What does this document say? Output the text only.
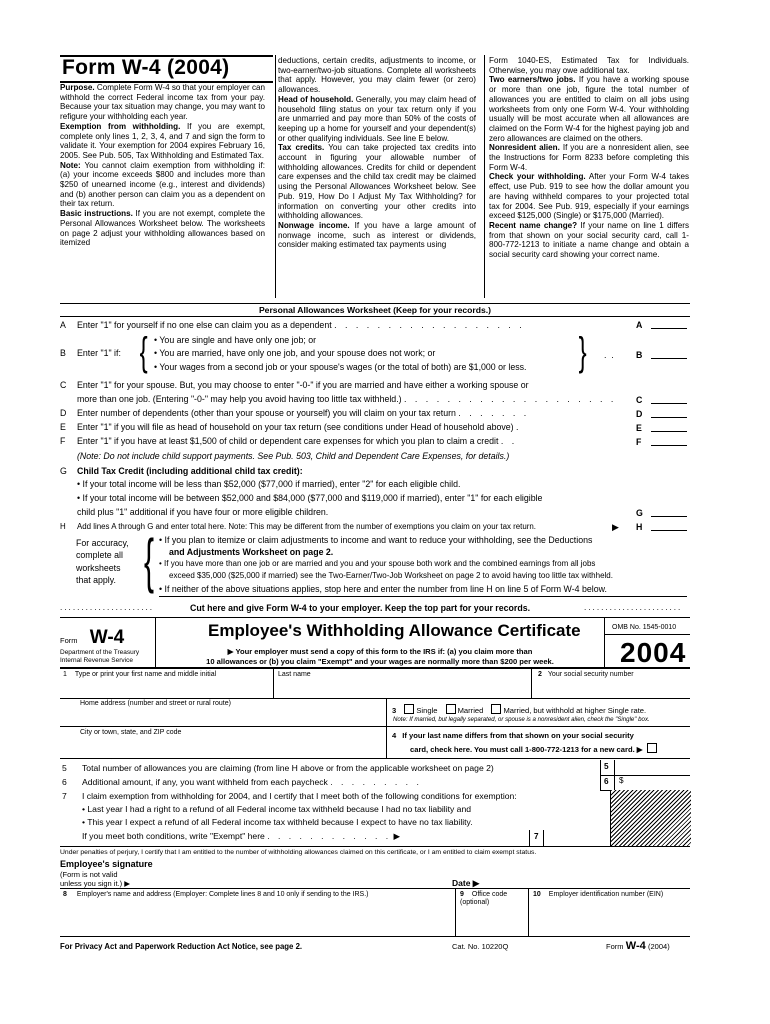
Form W-4 (2004)

Purpose. Complete Form W-4 so that your employer can withhold the correct Federal income tax from your pay. Because your tax situation may change, you may want to refigure your withholding each year.

Exemption from withholding. If you are exempt, complete only lines 1, 2, 3, 4, and 7 and sign the form to validate it. Your exemption for 2004 expires February 16, 2005. See Pub. 505, Tax Withholding and Estimated Tax.

Note: You cannot claim exemption from withholding if: (a) your income exceeds $800 and includes more than $250 of unearned income (e.g., interest and dividends) and (b) another person can claim you as a dependent on their tax return.

Basic instructions. If you are not exempt, complete the Personal Allowances Worksheet below. The worksheets on page 2 adjust your withholding allowances based on itemized

deductions, certain credits, adjustments to income, or two-earner/two-job situations. Complete all worksheets that apply. However, you may claim fewer (or zero) allowances.

Head of household. Generally, you may claim head of household filing status on your tax return only if you are unmarried and pay more than 50% of the costs of keeping up a home for yourself and your dependent(s) or other qualifying individuals. See line E below.

Tax credits. You can take projected tax credits into account in figuring your allowable number of withholding allowances. Credits for child or dependent care expenses and the child tax credit may be claimed using the Personal Allowances Worksheet below. See Pub. 919, How Do I Adjust My Tax Withholding? for information on converting your other credits into withholding allowances.

Nonwage income. If you have a large amount of nonwage income, such as interest or dividends, consider making estimated tax payments using

Form 1040-ES, Estimated Tax for Individuals. Otherwise, you may owe additional tax.

Two earners/two jobs. If you have a working spouse or more than one job, figure the total number of allowances you are entitled to claim on all jobs using worksheets from only one Form W-4. Your withholding usually will be most accurate when all allowances are claimed on the Form W-4 for the highest paying job and zero allowances are claimed on the others.

Nonresident alien. If you are a nonresident alien, see the Instructions for Form 8233 before completing this Form W-4.

Check your withholding. After your Form W-4 takes effect, use Pub. 919 to see how the dollar amount you are having withheld compares to your projected total tax for 2004. See Pub. 919, especially if your earnings exceed $125,000 (Single) or $175,000 (Married).

Recent name change? If your name on line 1 differs from that shown on your social security card, call 1-800-772-1213 to initiate a name change and obtain a social security card showing your correct name.

Personal Allowances Worksheet (Keep for your records.)
A Enter "1" for yourself if no one else can claim you as a dependent . . . . . . . . . . . . . . . . . .	A
B Enter "1" if: { • You are single and have only one job; or
• You are married, have only one job, and your spouse does not work; or
• Your wages from a second job or your spouse's wages (or the total of both) are $1,000 or less. } .  .	B
C Enter "1" for your spouse. But, you may choose to enter "-0-" if you are married and have either a working spouse or
more than one job. (Entering "-0-" may help you avoid having too little tax withheld.) . . . . . . . . . . . . . . . . . . . . C
D Enter number of dependents (other than your spouse or yourself) you will claim on your tax return . . . . . . .	D
E Enter "1" if you will file as head of household on your tax return (see conditions under Head of household above) .	E
F Enter "1" if you have at least $1,500 of child or dependent care expenses for which you plan to claim a credit . .	F
(Note: Do not include child support payments. See Pub. 503, Child and Dependent Care Expenses, for details.)
G Child Tax Credit (including additional child tax credit):
• If your total income will be less than $52,000 ($77,000 if married), enter "2" for each eligible child.
• If your total income will be between $52,000 and $84,000 ($77,000 and $119,000 if married), enter "1" for each eligible
child plus "1" additional if you have four or more eligible children.	G
H Add lines A through G and enter total here. Note: This may be different from the number of exemptions you claim on your tax return.	▶ H
For accuracy,
complete all
worksheets
that apply. { • If you plan to itemize or claim adjustments to income and want to reduce your withholding, see the Deductions
and Adjustments Worksheet on page 2.
• If you have more than one job or are married and you and your spouse both work and the combined earnings from all jobs
exceed $35,000 ($25,000 if married) see the Two-Earner/Two-Job Worksheet on page 2 to avoid having too little tax withheld.
• If neither of the above situations applies, stop here and enter the number from line H on line 5 of Form W-4 below.
......................	Cut here and give Form W-4 to your employer. Keep the top part for your records.	.......................
Form W-4
Department of the Treasury
Internal Revenue Service
Employee's Withholding Allowance Certificate
▶ Your employer must send a copy of this form to the IRS if: (a) you claim more than
10 allowances or (b) you claim "Exempt" and your wages are normally more than $200 per week.
OMB No. 1545-0010
2004
1 Type or print your first name and middle initial	Last name	2 Your social security number
Home address (number and street or rural route)
3	Single	Married	Married, but withhold at higher Single rate.
Note: If married, but legally separated, or spouse is a nonresident alien, check the "Single" box.
City or town, state, and ZIP code	4 If your last name differs from that shown on your social security
card, check here. You must call 1-800-772-1213 for a new card. ▶
5 Total number of allowances you are claiming (from line H above or from the applicable worksheet on page 2)
6 Additional amount, if any, you want withheld from each paycheck . . . . . . . . .
7 I claim exemption from withholding for 2004, and I certify that I meet both of the following conditions for exemption:
• Last year I had a right to a refund of all Federal income tax withheld because I had no tax liability and
• This year I expect a refund of all Federal income tax withheld because I expect to have no tax liability.
If you meet both conditions, write "Exempt" here . . . . . . . . . . . . ▶
5
6 $
7
Under penalties of perjury, I certify that I am entitled to the number of withholding allowances claimed on this certificate, or I am entitled to claim exempt status.
Employee's signature
(Form is not valid
unless you sign it.) ▶	Date ▶
8 Employer's name and address (Employer: Complete lines 8 and 10 only if sending to the IRS.)	9 Office code (optional)
10 Employer identification number (EIN)
For Privacy Act and Paperwork Reduction Act Notice, see page 2.	Cat. No. 10220Q	Form W-4 (2004)
